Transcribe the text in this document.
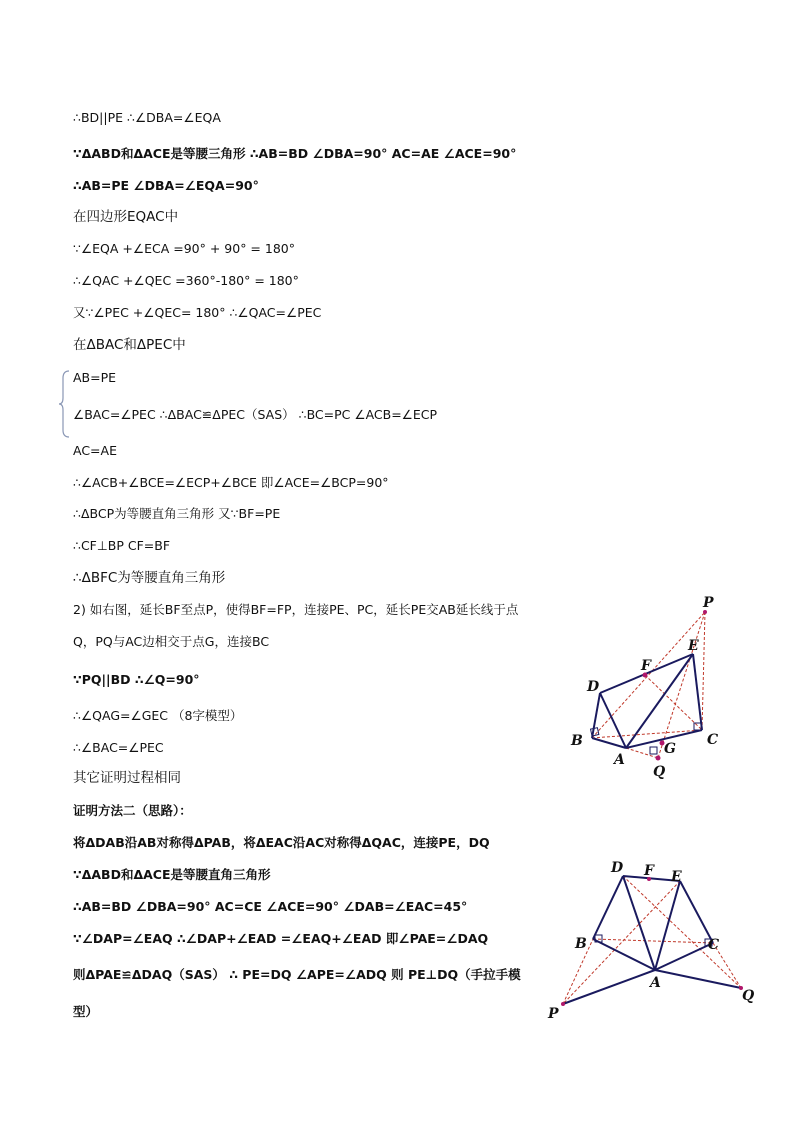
∴BD||PE ∴∠DBA=∠EQA
∵ΔABD和ΔACE是等腰三角形 ∴AB=BD ∠DBA=90° AC=AE ∠ACE=90°
∴AB=PE ∠DBA=∠EQA=90°
在四边形EQAC中
∵∠EQA +∠ECA =90° + 90° = 180°
∴∠QAC +∠QEC =360°-180° = 180°
又∵∠PEC +∠QEC= 180° ∴∠QAC=∠PEC
在ΔBAC和ΔPEC中
AB=PE
∠BAC=∠PEC ∴ΔBAC≌ΔPEC（SAS） ∴BC=PC ∠ACB=∠ECP
AC=AE
∴∠ACB+∠BCE=∠ECP+∠BCE 即∠ACE=∠BCP=90°
∴ΔBCP为等腰直角三角形 又∵BF=PE
∴CF⊥BP CF=BF
∴ΔBFC为等腰直角三角形
2) 如右图，延长BF至点P，使得BF=FP，连接PE、PC，延长PE交AB延长线于点
Q，PQ与AC边相交于点G，连接BC
∵PQ||BD ∴∠Q=90°
∴∠QAG=∠GEC （8字模型）
∴∠BAC=∠PEC
其它证明过程相同
证明方法二（思路）：
将ΔDAB沿AB对称得ΔPAB，将ΔEAC沿AC对称得ΔQAC，连接PE，DQ
∵ΔABD和ΔACE是等腰直角三角形
∴AB=BD ∠DBA=90° AC=CE ∠ACE=90° ∠DAB=∠EAC=45°
∵∠DAP=∠EAQ ∴∠DAP+∠EAD =∠EAQ+∠EAD 即∠PAE=∠DAQ
则ΔPAE≌ΔDAQ（SAS） ∴ PE=DQ ∠APE=∠ADQ 则 PE⊥DQ（手拉手模
型）
P
E
F
D
B
A
G
C
Q
D F E
B	C
A
P
Q
